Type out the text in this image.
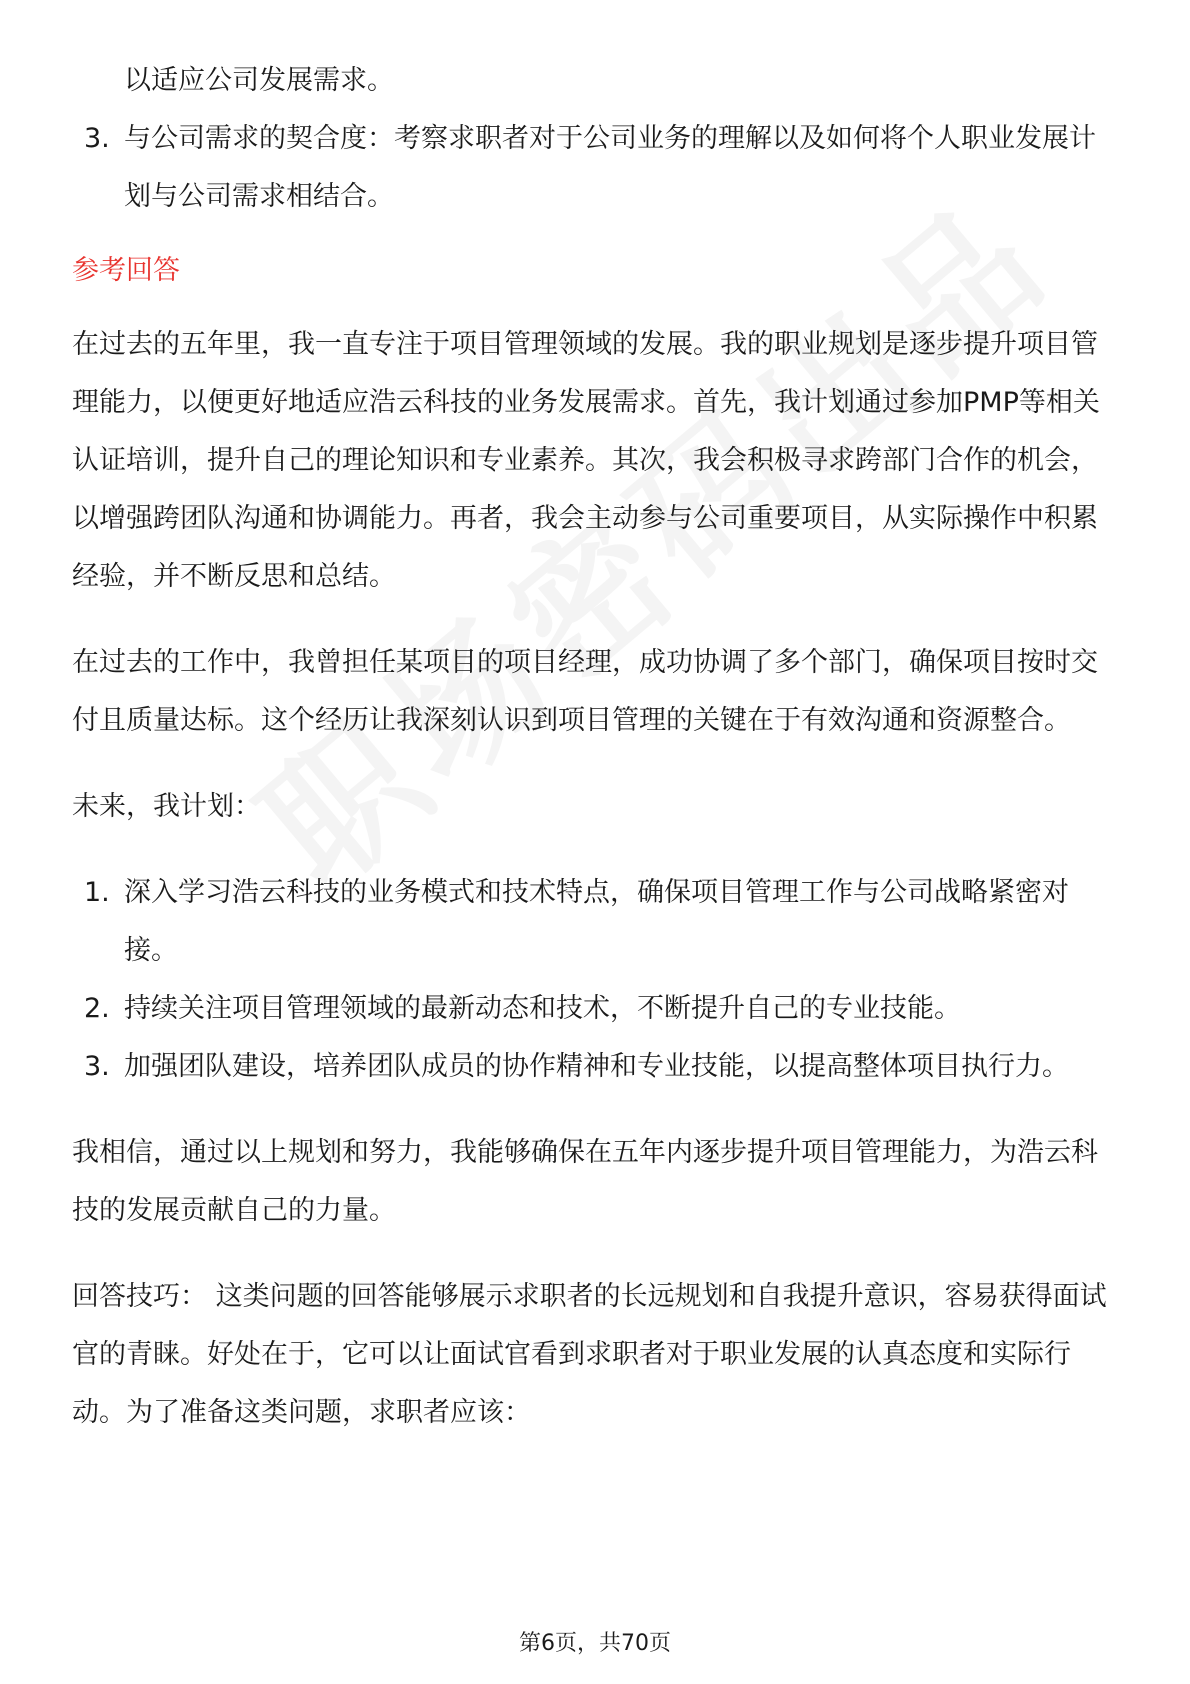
以适应公司发展需求。

3. 与公司需求的契合度：考察求职者对于公司业务的理解以及如何将个人职业发展计划与公司需求相结合。
参考回答

在过去的五年里，我一直专注于项目管理领域的发展。我的职业规划是逐步提升项目管理能力，以便更好地适应浩云科技的业务发展需求。首先，我计划通过参加PMP等相关认证培训，提升自己的理论知识和专业素养。其次，我会积极寻求跨部门合作的机会，以增强跨团队沟通和协调能力。再者，我会主动参与公司重要项目，从实际操作中积累经验，并不断反思和总结。

在过去的工作中，我曾担任某项目的项目经理，成功协调了多个部门，确保项目按时交付且质量达标。这个经历让我深刻认识到项目管理的关键在于有效沟通和资源整合。

未来，我计划：

1. 深入学习浩云科技的业务模式和技术特点，确保项目管理工作与公司战略紧密对接。
2. 持续关注项目管理领域的最新动态和技术，不断提升自己的专业技能。
3. 加强团队建设，培养团队成员的协作精神和专业技能，以提高整体项目执行力。

我相信，通过以上规划和努力，我能够确保在五年内逐步提升项目管理能力，为浩云科技的发展贡献自己的力量。

回答技巧： 这类问题的回答能够展示求职者的长远规划和自我提升意识，容易获得面试官的青睐。好处在于，它可以让面试官看到求职者对于职业发展的认真态度和实际行动。为了准备这类问题，求职者应该：

第6页，共70页
